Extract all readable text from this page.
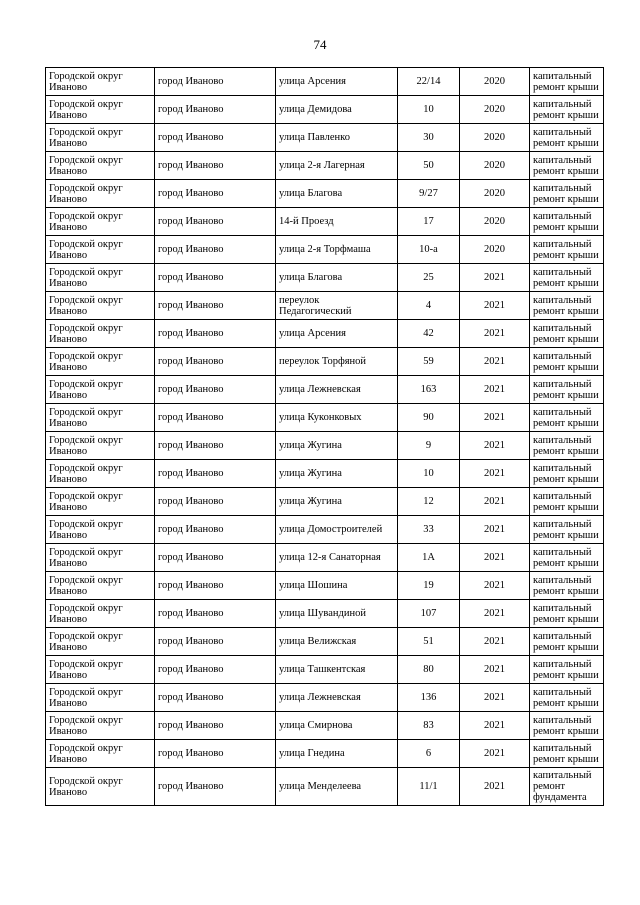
74
Городской округ Иваново	город Иваново	улица Арсения	22/14	2020	капитальный ремонт крыши
Городской округ Иваново	город Иваново	улица Демидова	10	2020	капитальный ремонт крыши
Городской округ Иваново	город Иваново	улица Павленко	30	2020	капитальный ремонт крыши
Городской округ Иваново	город Иваново	улица 2-я Лагерная	50	2020	капитальный ремонт крыши
Городской округ Иваново	город Иваново	улица Благова	9/27	2020	капитальный ремонт крыши
Городской округ Иваново	город Иваново	14-й Проезд	17	2020	капитальный ремонт крыши
Городской округ Иваново	город Иваново	улица 2-я Торфмаша	10-а	2020	капитальный ремонт крыши
Городской округ Иваново	город Иваново	улица Благова	25	2021	капитальный ремонт крыши
Городской округ Иваново	город Иваново	переулок Педагогический	4	2021	капитальный ремонт крыши
Городской округ Иваново	город Иваново	улица Арсения	42	2021	капитальный ремонт крыши
Городской округ Иваново	город Иваново	переулок Торфяной	59	2021	капитальный ремонт крыши
Городской округ Иваново	город Иваново	улица Лежневская	163	2021	капитальный ремонт крыши
Городской округ Иваново	город Иваново	улица Куконковых	90	2021	капитальный ремонт крыши
Городской округ Иваново	город Иваново	улица Жугина	9	2021	капитальный ремонт крыши
Городской округ Иваново	город Иваново	улица Жугина	10	2021	капитальный ремонт крыши
Городской округ Иваново	город Иваново	улица Жугина	12	2021	капитальный ремонт крыши
Городской округ Иваново	город Иваново	улица Домостроителей	33	2021	капитальный ремонт крыши
Городской округ Иваново	город Иваново	улица 12-я Санаторная	1А	2021	капитальный ремонт крыши
Городской округ Иваново	город Иваново	улица Шошина	19	2021	капитальный ремонт крыши
Городской округ Иваново	город Иваново	улица Шувандиной	107	2021	капитальный ремонт крыши
Городской округ Иваново	город Иваново	улица Велижская	51	2021	капитальный ремонт крыши
Городской округ Иваново	город Иваново	улица Ташкентская	80	2021	капитальный ремонт крыши
Городской округ Иваново	город Иваново	улица Лежневская	136	2021	капитальный ремонт крыши
Городской округ Иваново	город Иваново	улица Смирнова	83	2021	капитальный ремонт крыши
Городской округ Иваново	город Иваново	улица Гнедина	6	2021	капитальный ремонт крыши
Городской округ Иваново	город Иваново	улица Менделеева	11/1	2021	капитальный ремонт фундамента
